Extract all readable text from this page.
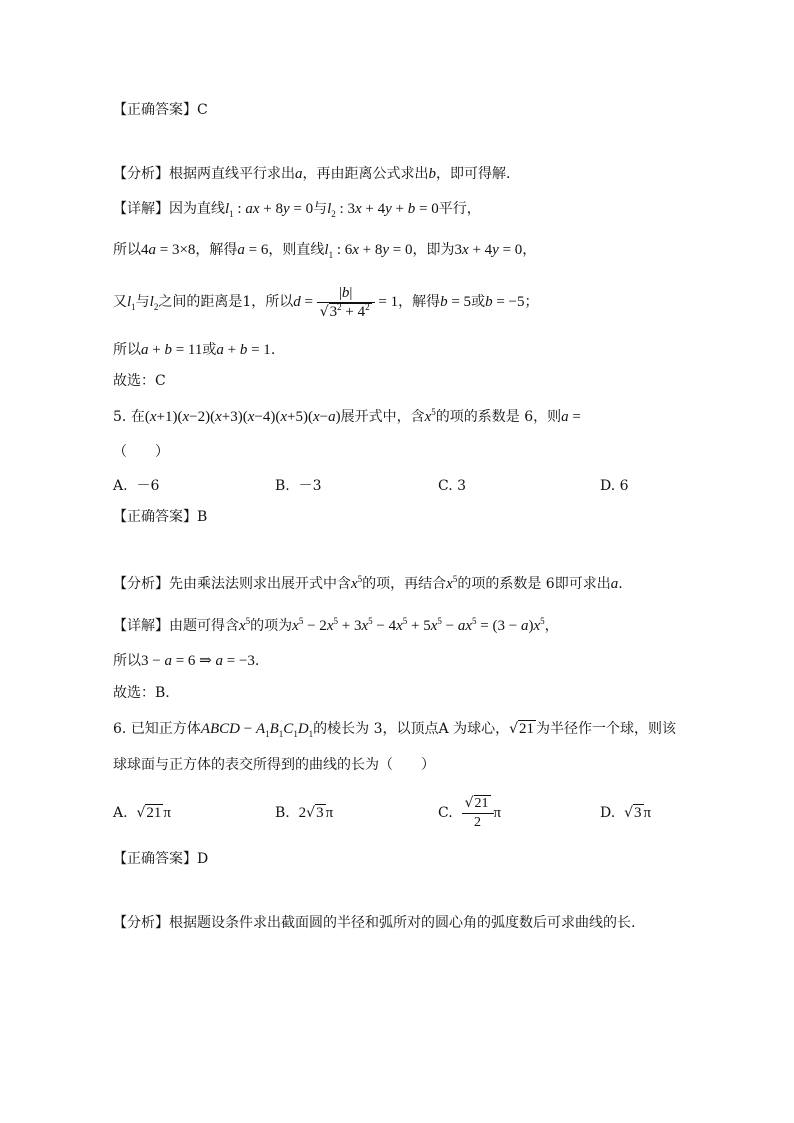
【正确答案】C
【分析】根据两直线平行求出a，再由距离公式求出b，即可得解.
【详解】因为直线$l_1$ : ax + 8y = 0与$l_2$ : 3x + 4y + b = 0平行，
所以4a = 3×8，解得a = 6，则直线$l_1$ : 6x + 8y = 0，即为3x + 4y = 0，
又$l_1$与$l_2$之间的距离是1，所以$d = \frac{|b|}{√3^2 + 4^2} = 1$，解得b = 5或b = −5；
所以a + b = 11或a + b = 1.
故选：C
5. 在(x+1)(x−2)(x+3)(x−4)(x+5)(x−a)展开式中，含$x^5$的项的系数是 6，则a =
（　　）
A. －6	B. －3	C. 3	D. 6
【正确答案】B
【分析】先由乘法法则求出展开式中含$x^5$的项，再结合$x^5$的项的系数是 6即可求出a.
【详解】由题可得含$x^5$的项为$x^5 - 2x^5 + 3x^5 - 4x^5 + 5x^5 - ax^5 = (3 - a)x^5$，
所以3 − a = 6 ⇒ a = −3.
故选：B.
6. 已知正方体ABCD − $A_1B_1C_1D_1$的棱长为 3，以顶点A 为球心，√21 为半径作一个球，则该
球球面与正方体的表交所得到的曲线的长为（　　）
A. √21 π	B. 2√3 π	C. $\frac{√21}{2}$ π	D. √3 π
【正确答案】D
【分析】根据题设条件求出截面圆的半径和弧所对的圆心角的弧度数后可求曲线的长.
